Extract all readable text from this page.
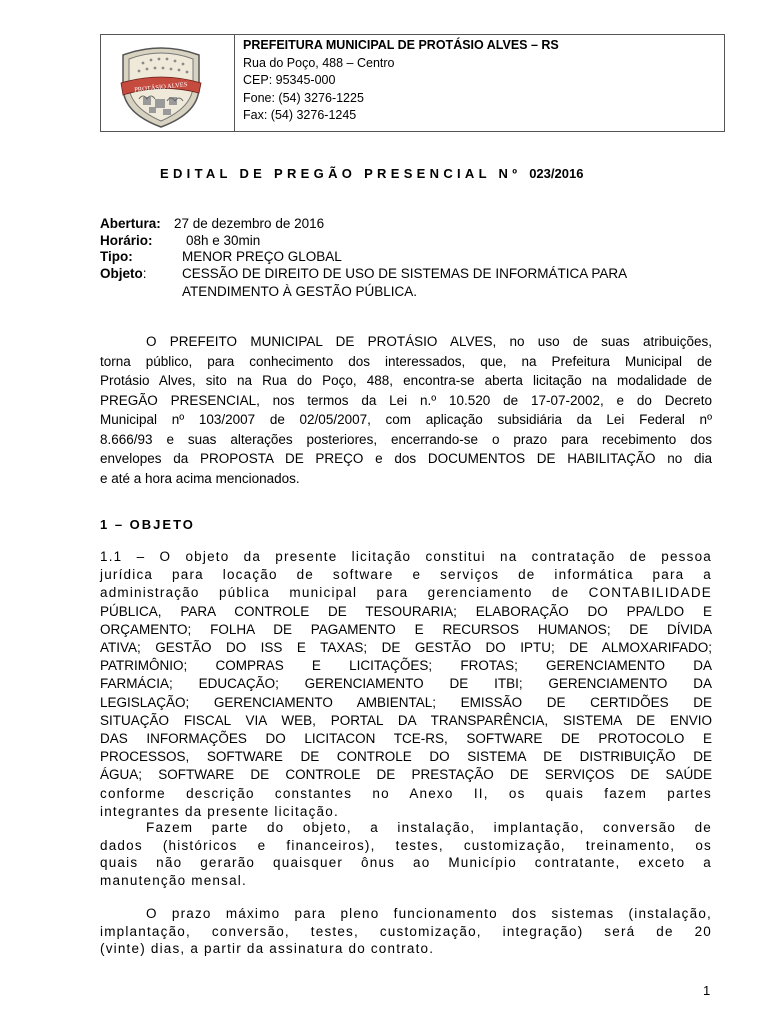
PROTÁSIO ALVES
PREFEITURA MUNICIPAL DE PROTÁSIO ALVES – RS
Rua do Poço, 488 – Centro
CEP: 95345-000
Fone: (54) 3276-1225
Fax: (54) 3276-1245
EDITAL DE PREGÃO PRESENCIAL Nº 023/2016
Abertura: 27 de dezembro de 2016
Horário: 08h e 30min
Tipo:	MENOR PREÇO GLOBAL
Objeto:	CESSÃO DE DIREITO DE USO DE SISTEMAS DE INFORMÁTICA PARA
ATENDIMENTO À GESTÃO PÚBLICA.
O PREFEITO MUNICIPAL DE PROTÁSIO ALVES, no uso de suas atribuições,
torna público, para conhecimento dos interessados, que, na Prefeitura Municipal de
Protásio Alves, sito na Rua do Poço, 488, encontra-se aberta licitação na modalidade de
PREGÃO PRESENCIAL, nos termos da Lei n.º 10.520 de 17-07-2002, e do Decreto
Municipal nº 103/2007 de 02/05/2007, com aplicação subsidiária da Lei Federal nº
8.666/93 e suas alterações posteriores, encerrando-se o prazo para recebimento dos
envelopes da PROPOSTA DE PREÇO e dos DOCUMENTOS DE HABILITAÇÃO no dia
e até a hora acima mencionados.
1 – OBJETO
1.1 – O objeto da presente licitação constitui na contratação de pessoa
jurídica para locação de software e serviços de informática para a
administração pública municipal para gerenciamento de CONTABILIDADE
PÚBLICA, PARA CONTROLE DE TESOURARIA; ELABORAÇÃO DO PPA/LDO E
ORÇAMENTO; FOLHA DE PAGAMENTO E RECURSOS HUMANOS; DE DÍVIDA
ATIVA; GESTÃO DO ISS E TAXAS; DE GESTÃO DO IPTU; DE ALMOXARIFADO;
PATRIMÔNIO; COMPRAS E LICITAÇÕES; FROTAS; GERENCIAMENTO DA
FARMÁCIA; EDUCAÇÃO; GERENCIAMENTO DE ITBI; GERENCIAMENTO DA
LEGISLAÇÃO; GERENCIAMENTO AMBIENTAL; EMISSÃO DE CERTIDÕES DE
SITUAÇÃO FISCAL VIA WEB, PORTAL DA TRANSPARÊNCIA, SISTEMA DE ENVIO
DAS INFORMAÇÕES DO LICITACON TCE-RS, SOFTWARE DE PROTOCOLO E
PROCESSOS, SOFTWARE DE CONTROLE DO SISTEMA DE DISTRIBUIÇÃO DE
ÁGUA; SOFTWARE DE CONTROLE DE PRESTAÇÃO DE SERVIÇOS DE SAÚDE
conforme descrição constantes no Anexo II, os quais fazem partes
integrantes da presente licitação.
Fazem parte do objeto, a instalação, implantação, conversão de
dados (históricos e financeiros), testes, customização, treinamento, os
quais não gerarão quaisquer ônus ao Município contratante, exceto a
manutenção mensal.
O prazo máximo para pleno funcionamento dos sistemas (instalação,
implantação, conversão, testes, customização, integração) será de 20
(vinte) dias, a partir da assinatura do contrato.
1
